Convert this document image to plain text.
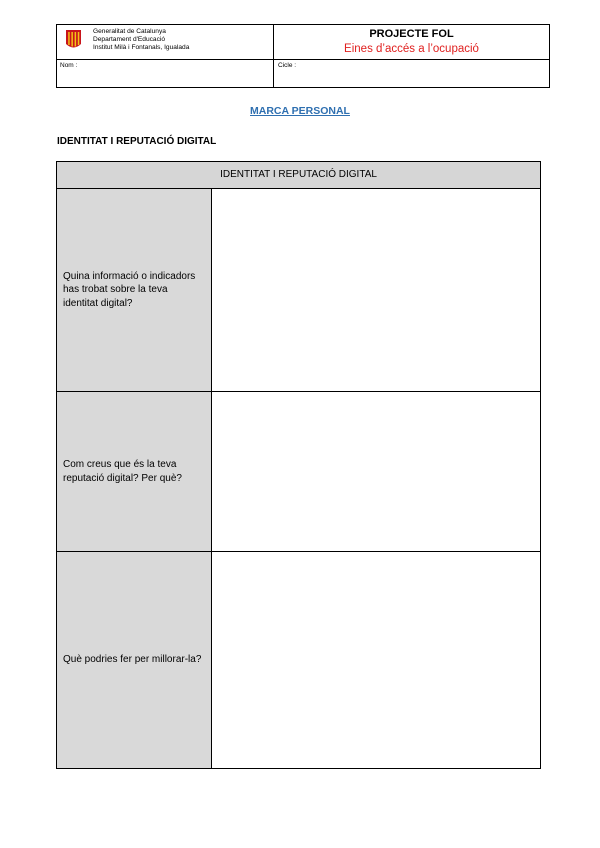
Generalitat de Catalunya
Departament d'Educació
Institut Milà i Fontanals, Igualada
PROJECTE FOL
Eines d’accés a l’ocupació
Nom :	Cicle :
MARCA PERSONAL
IDENTITAT I REPUTACIÓ DIGITAL
IDENTITAT I REPUTACIÓ DIGITAL
Quina informació o indicadors has trobat sobre la teva identitat digital?
Com creus que és la teva reputació digital? Per què?
Què podries fer per millorar-la?
